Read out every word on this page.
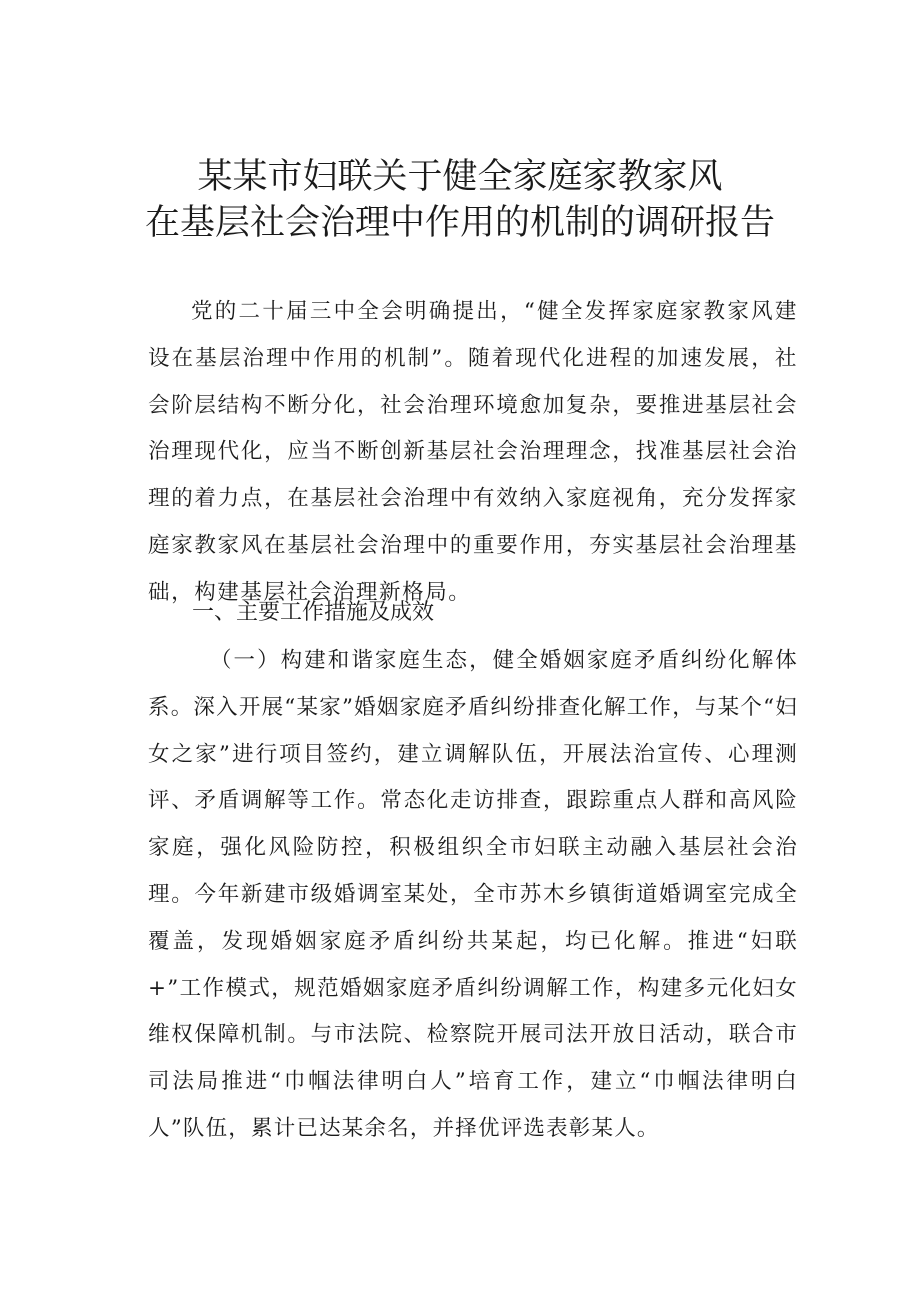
某某市妇联关于健全家庭家教家风
在基层社会治理中作用的机制的调研报告

党的二十届三中全会明确提出，“健全发挥家庭家教家风建设在基层治理中作用的机制”。随着现代化进程的加速发展，社会阶层结构不断分化，社会治理环境愈加复杂，要推进基层社会治理现代化，应当不断创新基层社会治理理念，找准基层社会治理的着力点，在基层社会治理中有效纳入家庭视角，充分发挥家庭家教家风在基层社会治理中的重要作用，夯实基层社会治理基础，构建基层社会治理新格局。

一、主要工作措施及成效

（一）构建和谐家庭生态，健全婚姻家庭矛盾纠纷化解体系。深入开展“某家”婚姻家庭矛盾纠纷排查化解工作，与某个“妇女之家”进行项目签约，建立调解队伍，开展法治宣传、心理测评、矛盾调解等工作。常态化走访排查，跟踪重点人群和高风险家庭，强化风险防控，积极组织全市妇联主动融入基层社会治理。今年新建市级婚调室某处，全市苏木乡镇街道婚调室完成全覆盖，发现婚姻家庭矛盾纠纷共某起，均已化解。推进“妇联+”工作模式，规范婚姻家庭矛盾纠纷调解工作，构建多元化妇女维权保障机制。与市法院、检察院开展司法开放日活动，联合市司法局推进“巾帼法律明白人”培育工作，建立“巾帼法律明白人”队伍，累计已达某余名，并择优评选表彰某人。
